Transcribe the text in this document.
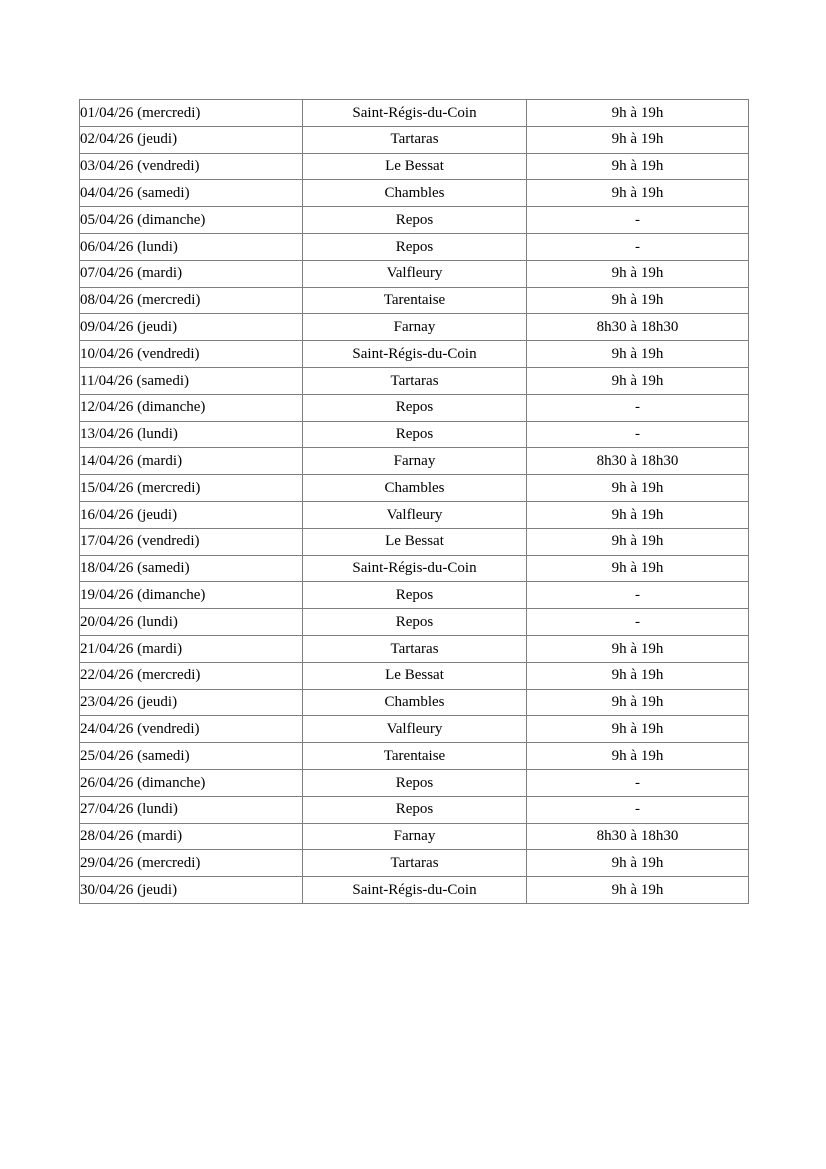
01/04/26 (mercredi)	Saint-Régis-du-Coin	9h à 19h
02/04/26 (jeudi)	Tartaras	9h à 19h
03/04/26 (vendredi)	Le Bessat	9h à 19h
04/04/26 (samedi)	Chambles	9h à 19h
05/04/26 (dimanche)	Repos	-
06/04/26 (lundi)	Repos	-
07/04/26 (mardi)	Valfleury	9h à 19h
08/04/26 (mercredi)	Tarentaise	9h à 19h
09/04/26 (jeudi)	Farnay	8h30 à 18h30
10/04/26 (vendredi)	Saint-Régis-du-Coin	9h à 19h
11/04/26 (samedi)	Tartaras	9h à 19h
12/04/26 (dimanche)	Repos	-
13/04/26 (lundi)	Repos	-
14/04/26 (mardi)	Farnay	8h30 à 18h30
15/04/26 (mercredi)	Chambles	9h à 19h
16/04/26 (jeudi)	Valfleury	9h à 19h
17/04/26 (vendredi)	Le Bessat	9h à 19h
18/04/26 (samedi)	Saint-Régis-du-Coin	9h à 19h
19/04/26 (dimanche)	Repos	-
20/04/26 (lundi)	Repos	-
21/04/26 (mardi)	Tartaras	9h à 19h
22/04/26 (mercredi)	Le Bessat	9h à 19h
23/04/26 (jeudi)	Chambles	9h à 19h
24/04/26 (vendredi)	Valfleury	9h à 19h
25/04/26 (samedi)	Tarentaise	9h à 19h
26/04/26 (dimanche)	Repos	-
27/04/26 (lundi)	Repos	-
28/04/26 (mardi)	Farnay	8h30 à 18h30
29/04/26 (mercredi)	Tartaras	9h à 19h
30/04/26 (jeudi)	Saint-Régis-du-Coin	9h à 19h
